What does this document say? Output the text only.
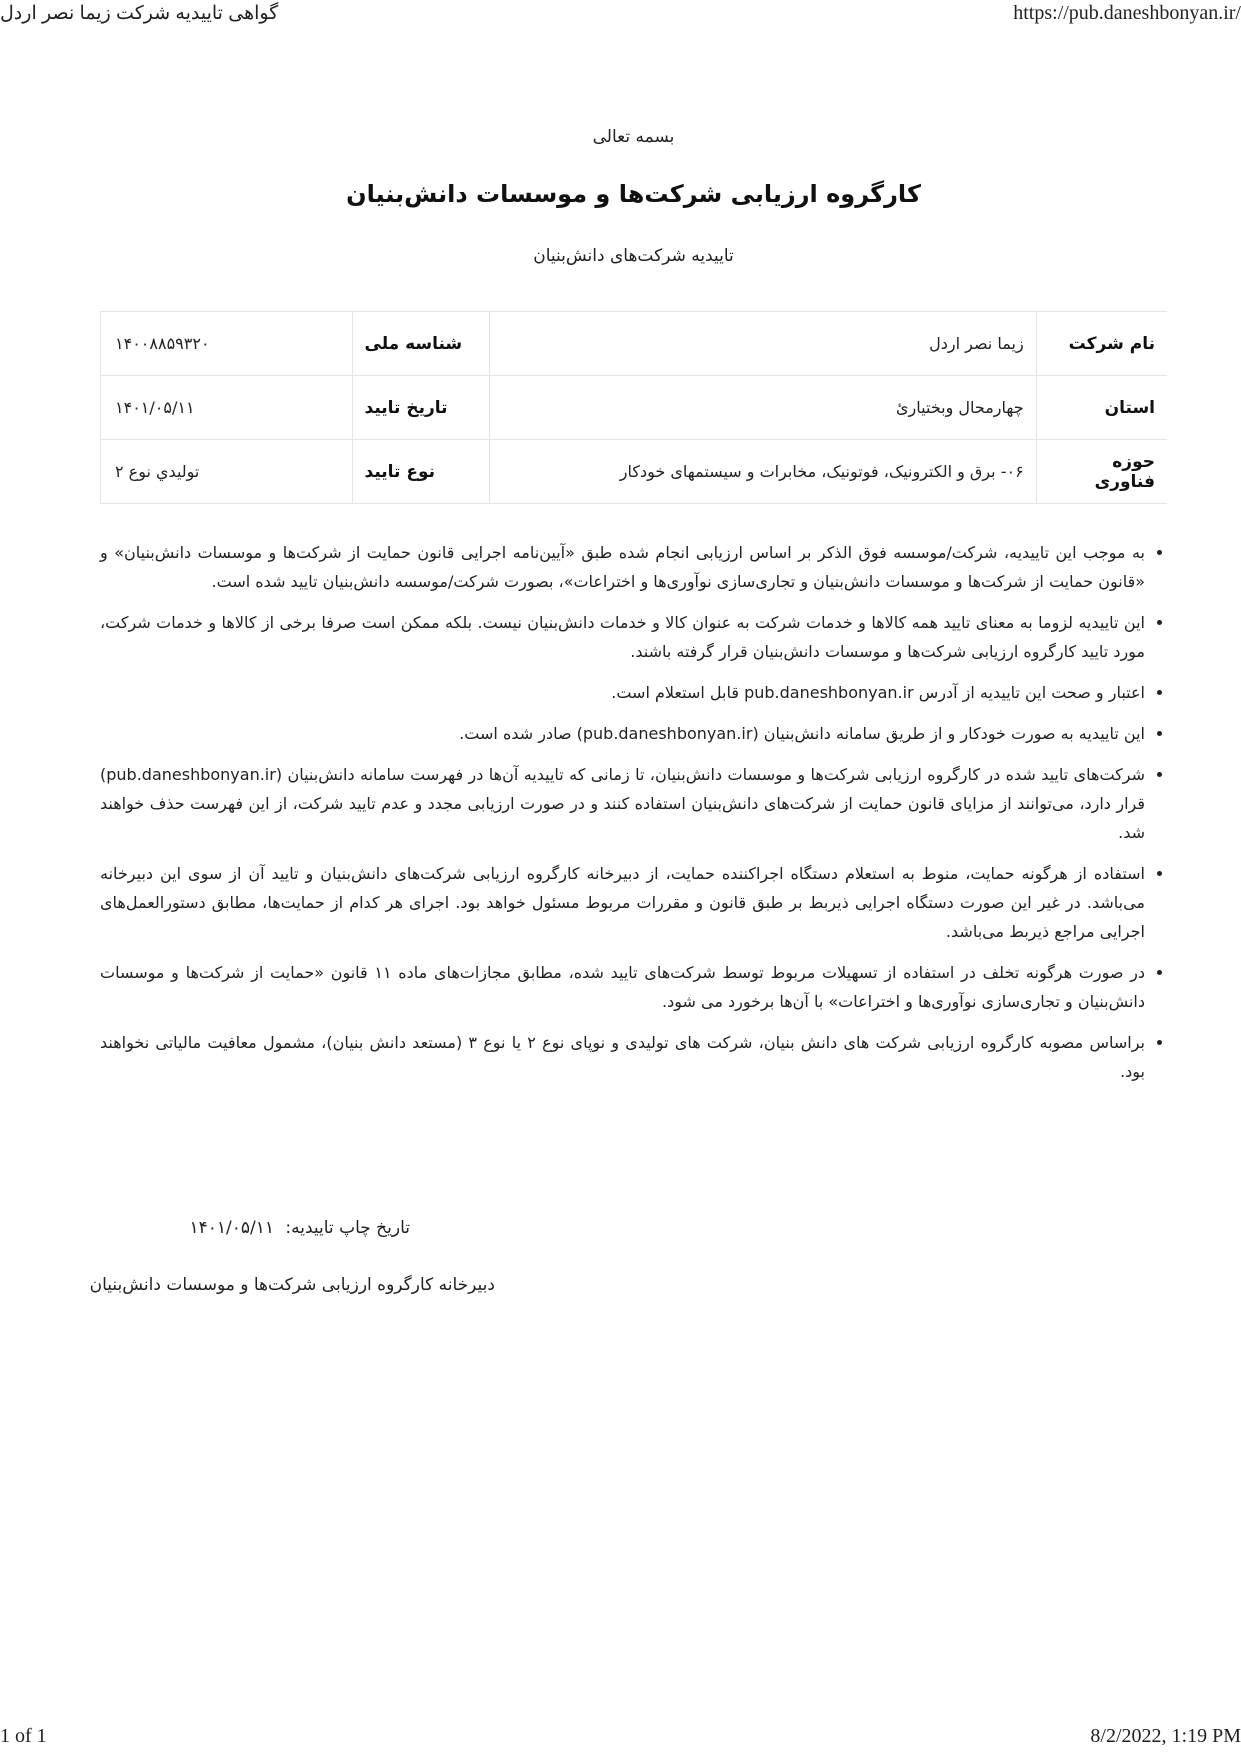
گواهی تاییدیه شرکت زیما نصر اردل	https://pub.daneshbonyan.ir/
بسمه تعالی
کارگروه ارزیابی شرکت‌ها و موسسات دانش‌بنیان
تاییدیه شرکت‌های دانش‌بنیان
نام شرکت	زیما نصر اردل	شناسه ملی	۱۴۰۰۸۸۵۹۳۲۰
استان	چهارمحال وبختیارئ	تاریخ تایید	۱۴۰۱/۰۵/۱۱
حوزه فناوری	۰۶- برق و الکترونیک، فوتونیک، مخابرات و سیستمهای خودکار	نوع تایید	تولیدي نوع ۲
• به موجب این تاییدیه، شرکت/موسسه فوق الذکر بر اساس ارزیابی انجام شده طبق «آیین‌نامه اجرایی قانون حمایت از شرکت‌ها و موسسات دانش‌بنیان» و «قانون حمایت از شرکت‌ها و موسسات دانش‌بنیان و تجاری‌سازی نوآوری‌ها و اختراعات»، بصورت شرکت/موسسه دانش‌بنیان تایید شده است.
• این تاییدیه لزوما به معنای تایید همه کالاها و خدمات شرکت به عنوان کالا و خدمات دانش‌بنیان نیست. بلکه ممکن است صرفا برخی از کالاها و خدمات شرکت، مورد تایید کارگروه ارزیابی شرکت‌ها و موسسات دانش‌بنیان قرار گرفته باشند.
• اعتبار و صحت این تاییدیه از آدرس pub.daneshbonyan.ir قابل استعلام است.
• این تاییدیه به صورت خودکار و از طریق سامانه دانش‌بنیان (pub.daneshbonyan.ir) صادر شده است.
• شرکت‌های تایید شده در کارگروه ارزیابی شرکت‌ها و موسسات دانش‌بنیان، تا زمانی که تاییدیه آن‌ها در فهرست سامانه دانش‌بنیان (pub.daneshbonyan.ir) قرار دارد، می‌توانند از مزایای قانون حمایت از شرکت‌های دانش‌بنیان استفاده کنند و در صورت ارزیابی مجدد و عدم تایید شرکت، از این فهرست حذف خواهند شد.
• استفاده از هرگونه حمایت، منوط به استعلام دستگاه اجراکننده حمایت، از دبیرخانه کارگروه ارزیابی شرکت‌های دانش‌بنیان و تایید آن از سوی این دبیرخانه می‌باشد. در غیر این صورت دستگاه اجرایی ذیربط بر طبق قانون و مقررات مربوط مسئول خواهد بود. اجرای هر کدام از حمایت‌ها، مطابق دستورالعمل‌های اجرایی مراجع ذیربط می‌باشد.
• در صورت هرگونه تخلف در استفاده از تسهیلات مربوط توسط شرکت‌های تایید شده، مطابق مجازات‌های ماده ۱۱ قانون «حمایت از شرکت‌ها و موسسات دانش‌بنیان و تجاری‌سازی نوآوری‌ها و اختراعات» با آن‌ها برخورد می شود.
• براساس مصوبه کارگروه ارزیابی شرکت های دانش بنیان، شرکت های تولیدی و نوپای نوع ۲ یا نوع ۳ (مستعد دانش بنیان)، مشمول معافیت مالیاتی نخواهند بود.
تاریخ چاپ تاییدیه: ۱۴۰۱/۰۵/۱۱
دبیرخانه کارگروه ارزیابی شرکت‌ها و موسسات دانش‌بنیان
1 of 1	8/2/2022, 1:19 PM
